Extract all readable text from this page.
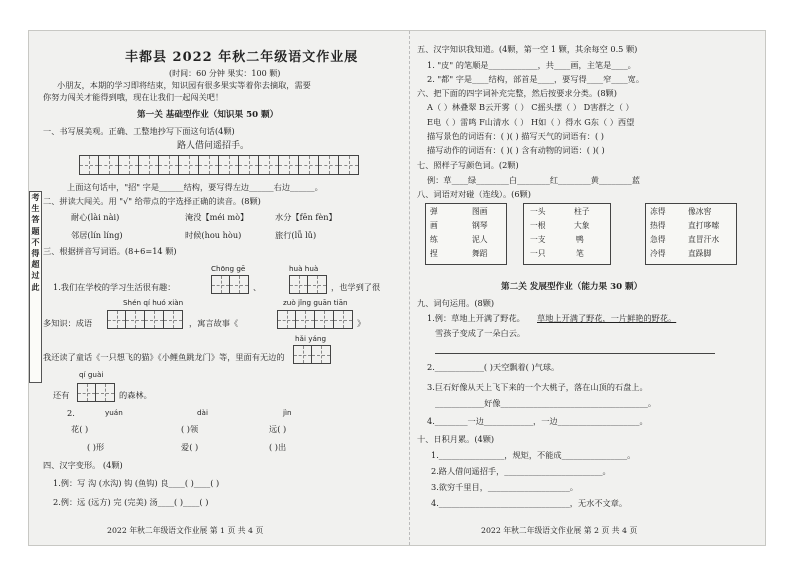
丰都县 2022 年秋二年级语文作业展
(时间：60 分钟 果实：100 颗)
小朋友，本期的学习即将结束，知识园有很多果实等着你去摘取，需要
你努力闯关才能得到哦，现在让我们一起闯关吧！
第一关 基础型作业（知识果 50 颗）
一、书写展美观。正确、工整地抄写下面这句话(4颗)
路人借问遥招手。
上面这句话中，"招" 字是______结构，要写得左边______右边______。
二、拼读大闯关。用 "√" 给带点的字选择正确的读音。(8颗)
耐心(lài nài)	淹没【méi mò】	水分【fēn fèn】
邻居(lín líng)	时候(hou hòu)	旅行(lǚ lǔ)
三、根据拼音写词语。(8+6=14 颗)
Chōng gē	huà huà
1.我们在学校的学习生活很有趣：	、	，也学到了很
Shén qí huó xiàn	zuò jǐng guān tiān
多知识：成语	，寓言故事《	》
hǎi yáng
我还读了童话《一只想飞的猫》《小鲤鱼跳龙门》等，里面有无边的
qí guài
还有	的森林。
2.	yuán	dài	jìn
花( )	( )领	远( )
( )形	爱( )	( )出
四、汉字变形。 (4颗)
1.例：写 沟 (水沟) 钩 (鱼钩) 良____( )____( )
2.例：远 (远方) 完 (完美) 汤____( )____( )
2022 年秋二年级语文作业展 第 1 页 共 4 页
考
生
答
题
不
得
超
过
此
五、汉字知识我知道。(4颗，第一空 1 颗，其余每空 0.5 颗)
1. "皮" 的笔顺是____________，共____画，主笔是____。
2. "都" 字是____结构，部首是____，要写得____窄____宽。
六、把下面的四字词补充完整，然后按要求分类。(8颗)
A（ ）林叠翠 B云开雾（ ） C摇头摆（ ） D害群之（ ）
E电（ ）雷鸣 F山清水（ ） H如（ ）得水 G东（ ）西望
描写景色的词语有：( )( ) 描写天气的词语有：( )
描写动作的词语有：( )( ) 含有动物的词语：( )( )
七、照样子写颜色词。(2颗)
例：草____绿________白________红________黄________蓝
八、词语对对碰（连线）。(6颗)
弹	图画
画	钢琴
练	泥人
捏	舞蹈
一头	柱子
一根	大象
一支	鸭
一只	笔
冻得	像冰窖
热得	直打哆嗦
急得	直冒汗水
冷得	直跺脚
第二关 发展型作业（能力果 30 颗）
九、词句运用。(8颗)
1.例：草地上开满了野花。 草地上开满了野花，一片鲜艳的野花。
雪孩子变成了一朵白云。
2.____________( )天空飘着( )气球。
3.巨石好像从天上飞下来的一个大桃子，落在山顶的石盘上。
____________好像____________________________________。
4.________一边____________，一边____________________。
十、日积月累。(4颗)
1.________________，规矩，不能成________________。
2.路人借问遥招手，________________________。
3.欲穷千里目，____________________。
4.________________________________，无水不文章。
2022 年秋二年级语文作业展 第 2 页 共 4 页
